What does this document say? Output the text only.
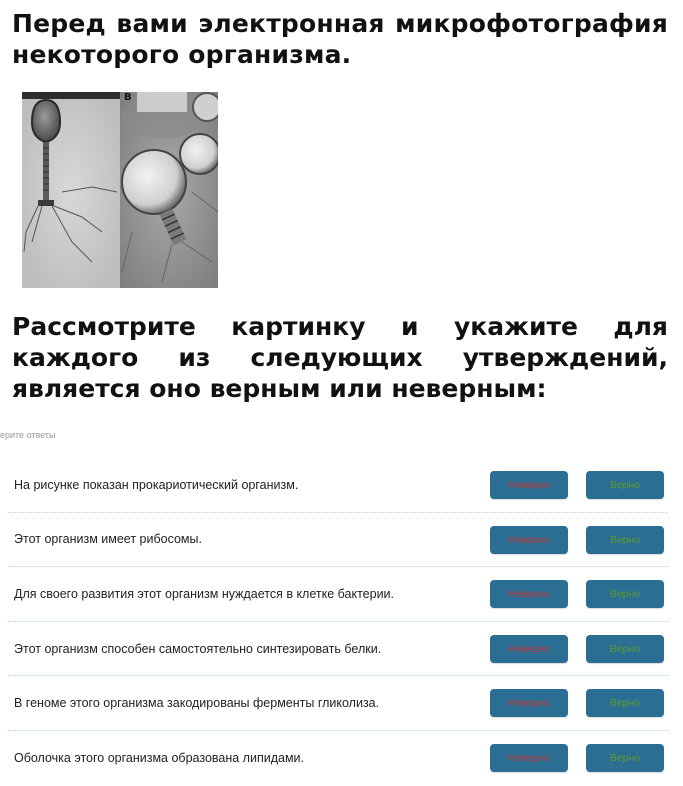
Перед вами электронная микрофотография некоторого организма.

В

Рассмотрите картинку и укажите для каждого из следующих утверждений, является оно верным или неверным:

ерите ответы
На рисунке показан прокариотический организм.	Неверно	Верно
Этот организм имеет рибосомы.	Неверно	Верно
Для своего развития этот организм нуждается в клетке бактерии.	Неверно	Верно
Этот организм способен самостоятельно синтезировать белки.	Неверно	Верно
В геноме этого организма закодированы ферменты гликолиза.	Неверно	Верно
Оболочка этого организма образована липидами.	Неверно	Верно
